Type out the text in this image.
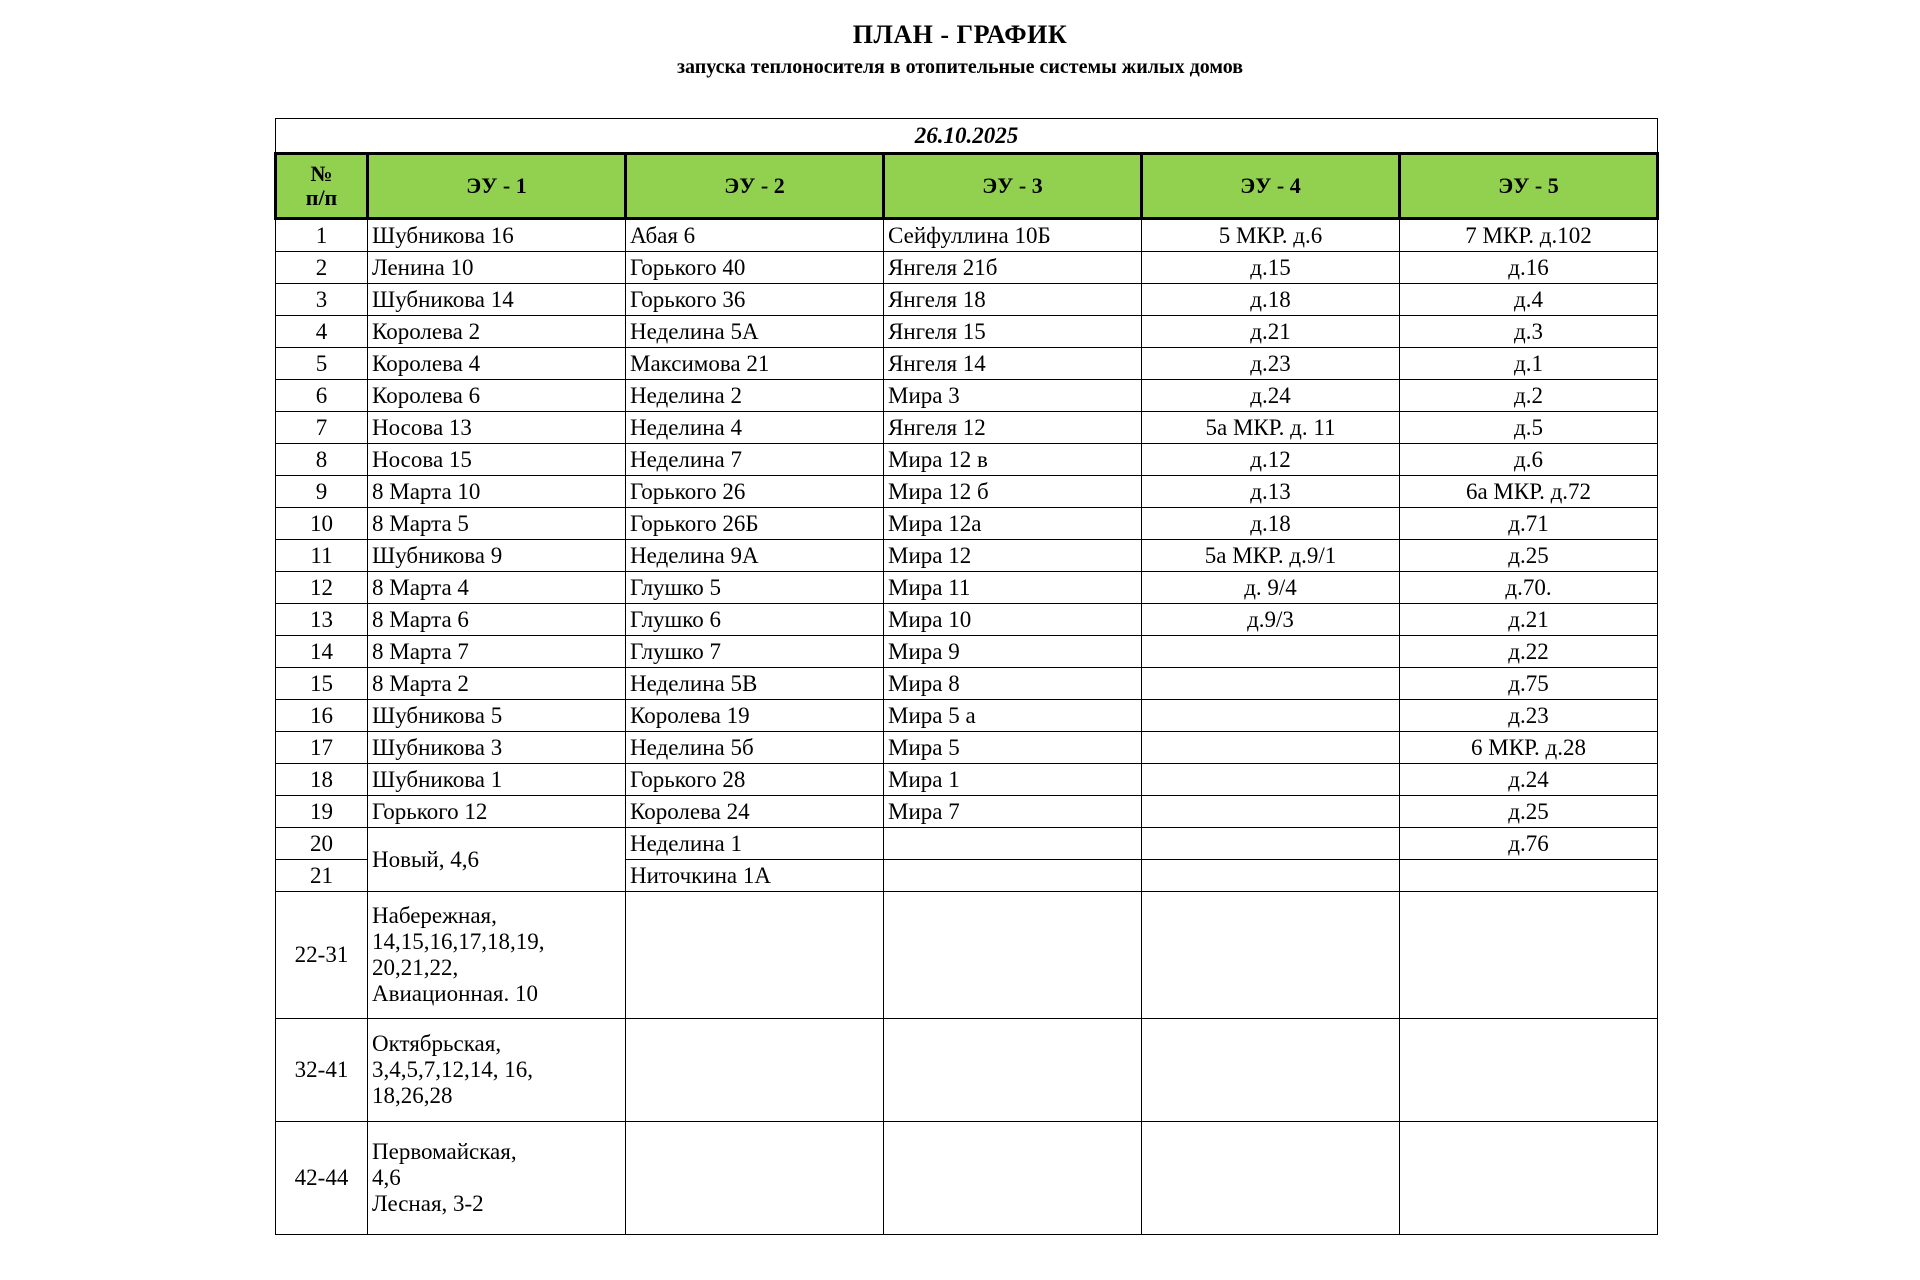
ПЛАН - ГРАФИК
запуска теплоносителя в отопительные системы жилых домов
26.10.2025					
№
п/п	ЭУ - 1	ЭУ - 2	ЭУ - 3	ЭУ - 4	ЭУ - 5
1	Шубникова 16	Абая 6	Сейфуллина 10Б	5 МКР. д.6	7 МКР. д.102
2	Ленина 10	Горького 40	Янгеля 21б	д.15	д.16
3	Шубникова 14	Горького 36	Янгеля 18	д.18	д.4
4	Королева 2	Неделина 5А	Янгеля 15	д.21	д.3
5	Королева 4	Максимова 21	Янгеля 14	д.23	д.1
6	Королева 6	Неделина 2	Мира 3	д.24	д.2
7	Носова 13	Неделина 4	Янгеля 12	5а МКР. д. 11	д.5
8	Носова 15	Неделина 7	Мира 12 в	д.12	д.6
9	8 Марта 10	Горького 26	Мира 12 б	д.13	6а МКР. д.72
10	8 Марта 5	Горького 26Б	Мира 12а	д.18	д.71
11	Шубникова 9	Неделина 9А	Мира 12	5а МКР. д.9/1	д.25
12	8 Марта 4	Глушко 5	Мира 11	д. 9/4	д.70.
13	8 Марта 6	Глушко 6	Мира 10	д.9/3	д.21
14	8 Марта 7	Глушко 7	Мира 9		д.22
15	8 Марта 2	Неделина 5В	Мира 8		д.75
16	Шубникова 5	Королева 19	Мира 5 а		д.23
17	Шубникова 3	Неделина 5б	Мира 5		6 МКР. д.28
18	Шубникова 1	Горького 28	Мира 1		д.24
19	Горького 12	Королева 24	Мира 7		д.25
20	Новый, 4,6	Неделина 1			д.76
21		Ниточкина 1А			
22-31	Набережная,
14,15,16,17,18,19,
20,21,22,
Авиационная. 10				

32-41	Октябрьская,
3,4,5,7,12,14, 16,
18,26,28				

42-44	Первомайская,
4,6
Лесная, 3-2				
